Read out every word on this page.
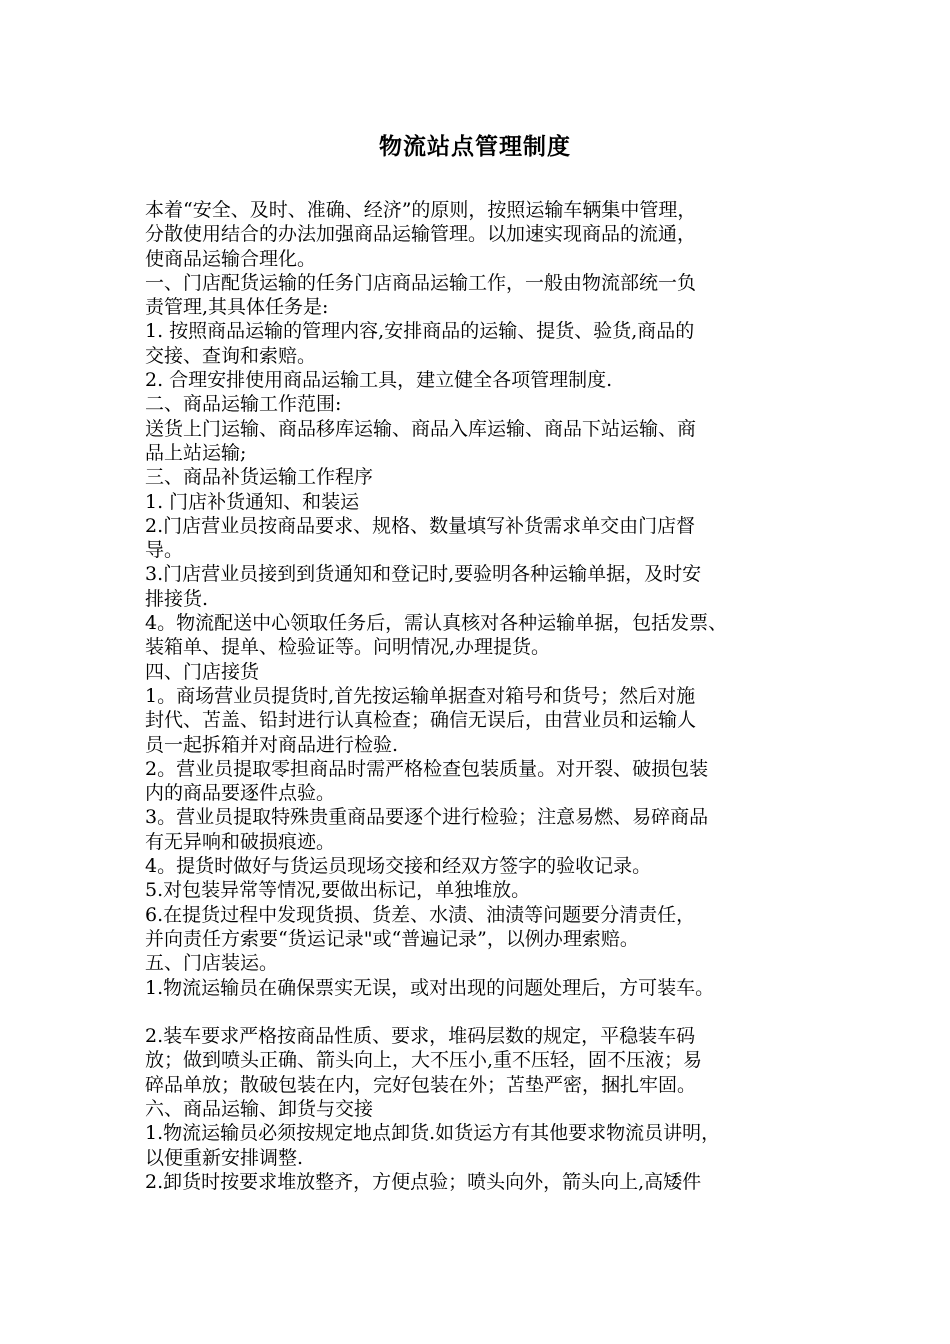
物流站点管理制度
本着“安全、及时、准确、经济”的原则，按照运输车辆集中管理，
分散使用结合的办法加强商品运输管理。以加速实现商品的流通，
使商品运输合理化。
一、门店配货运输的任务门店商品运输工作，一般由物流部统一负
责管理,其具体任务是:
1. 按照商品运输的管理内容,安排商品的运输、提货、验货,商品的
交接、查询和索赔。
2. 合理安排使用商品运输工具，建立健全各项管理制度.
二、商品运输工作范围:
送货上门运输、商品移库运输、商品入库运输、商品下站运输、商
品上站运输;
三、商品补货运输工作程序
1. 门店补货通知、和装运
2.门店营业员按商品要求、规格、数量填写补货需求单交由门店督
导。
3.门店营业员接到到货通知和登记时,要验明各种运输单据，及时安
排接货.
4。物流配送中心领取任务后，需认真核对各种运输单据，包括发票、
装箱单、提单、检验证等。问明情况,办理提货。
四、门店接货
1。商场营业员提货时,首先按运输单据查对箱号和货号；然后对施
封代、苫盖、铅封进行认真检查；确信无误后，由营业员和运输人
员一起拆箱并对商品进行检验.
2。营业员提取零担商品时需严格检查包装质量。对开裂、破损包装
内的商品要逐件点验。
3。营业员提取特殊贵重商品要逐个进行检验；注意易燃、易碎商品
有无异响和破损痕迹。
4。提货时做好与货运员现场交接和经双方签字的验收记录。
5.对包装异常等情况,要做出标记，单独堆放。
6.在提货过程中发现货损、货差、水渍、油渍等问题要分清责任，
并向责任方索要“货运记录"或“普遍记录”，以例办理索赔。
五、门店装运。
1.物流运输员在确保票实无误，或对出现的问题处理后，方可装车。
2.装车要求严格按商品性质、要求，堆码层数的规定，平稳装车码
放；做到喷头正确、箭头向上，大不压小,重不压轻，固不压液；易
碎品单放；散破包装在内，完好包装在外；苫垫严密，捆扎牢固。
六、商品运输、卸货与交接
1.物流运输员必须按规定地点卸货.如货运方有其他要求物流员讲明，
以便重新安排调整.
2.卸货时按要求堆放整齐，方便点验；喷头向外，箭头向上,高矮件
